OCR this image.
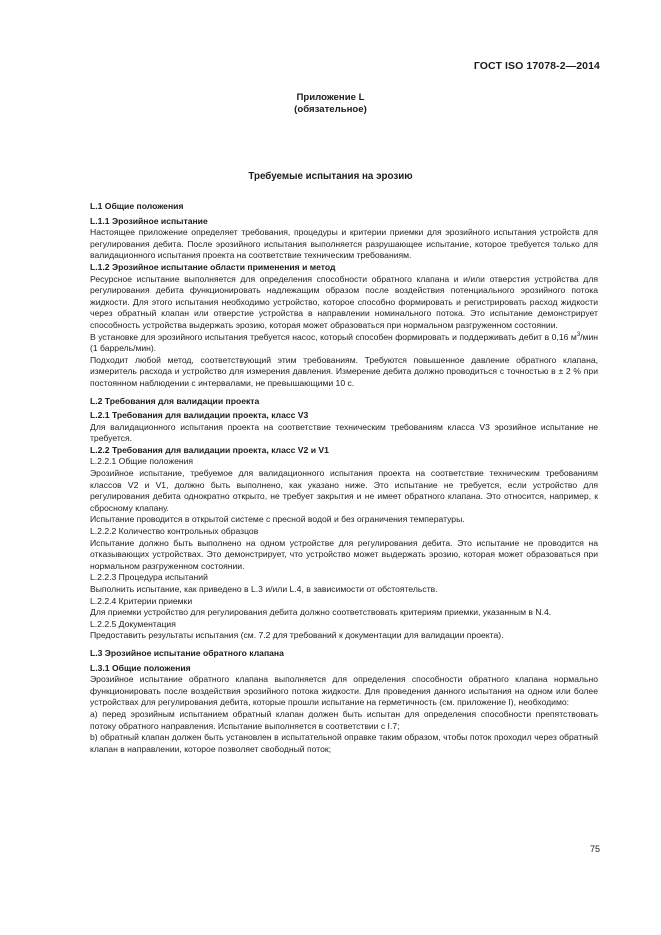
ГОСТ ISO 17078-2—2014
Приложение L
(обязательное)
Требуемые испытания на эрозию

L.1 Общие положения

L.1.1 Эрозийное испытание

Настоящее приложение определяет требования, процедуры и критерии приемки для эрозийного испытания устройств для регулирования дебита. После эрозийного испытания выполняется разрушающее испытание, которое требуется только для валидационного испытания проекта на соответствие техническим требованиям.

L.1.2 Эрозийное испытание области применения и метод

Ресурсное испытание выполняется для определения способности обратного клапана и и/или отверстия устройства для регулирования дебита функционировать надлежащим образом после воздействия потенциального эрозийного потока жидкости. Для этого испытания необходимо устройство, которое способно формировать и регистрировать расход жидкости через обратный клапан или отверстие устройства в направлении номинального потока. Это испытание демонстрирует способность устройства выдержать эрозию, которая может образоваться при нормальном разгруженном состоянии.

В установке для эрозийного испытания требуется насос, который способен формировать и поддерживать дебит в 0,16 $м^3$/мин (1 баррель/мин).

Подходит любой метод, соответствующий этим требованиям. Требуются повышенное давление обратного клапана, измеритель расхода и устройство для измерения давления. Измерение дебита должно проводиться с точностью в ± 2 % при постоянном наблюдении с интервалами, не превышающими 10 с.

L.2 Требования для валидации проекта

L.2.1 Требования для валидации проекта, класс V3

Для валидационного испытания проекта на соответствие техническим требованиям класса V3 эрозийное испытание не требуется.

L.2.2 Требования для валидации проекта, класс V2 и V1

L.2.2.1 Общие положения

Эрозийное испытание, требуемое для валидационного испытания проекта на соответствие техническим требованиям классов V2 и V1, должно быть выполнено, как указано ниже. Это испытание не требуется, если устройство для регулирования дебита однократно открыто, не требует закрытия и не имеет обратного клапана. Это относится, например, к сбросному клапану.

Испытание проводится в открытой системе с пресной водой и без ограничения температуры.

L.2.2.2 Количество контрольных образцов

Испытание должно быть выполнено на одном устройстве для регулирования дебита. Это испытание не проводится на отказывающих устройствах. Это демонстрирует, что устройство может выдержать эрозию, которая может образоваться при нормальном разгруженном состоянии.

L.2.2.3 Процедура испытаний

Выполнить испытание, как приведено в L.3 и/или L.4, в зависимости от обстоятельств.

L.2.2.4 Критерии приемки

Для приемки устройство для регулирования дебита должно соответствовать критериям приемки, указанным в N.4.

L.2.2.5 Документация

Предоставить результаты испытания (см. 7.2 для требований к документации для валидации проекта).

L.3 Эрозийное испытание обратного клапана

L.3.1 Общие положения

Эрозийное испытание обратного клапана выполняется для определения способности обратного клапана нормально функционировать после воздействия эрозийного потока жидкости. Для проведения данного испытания на одном или более устройствах для регулирования дебита, которые прошли испытание на герметичность (см. приложение I), необходимо:

а) перед эрозийным испытанием обратный клапан должен быть испытан для определения способности препятствовать потоку обратного направления. Испытание выполняется в соответствии с I.7;

b) обратный клапан должен быть установлен в испытательной оправке таким образом, чтобы поток проходил через обратный клапан в направлении, которое позволяет свободный поток;

75
